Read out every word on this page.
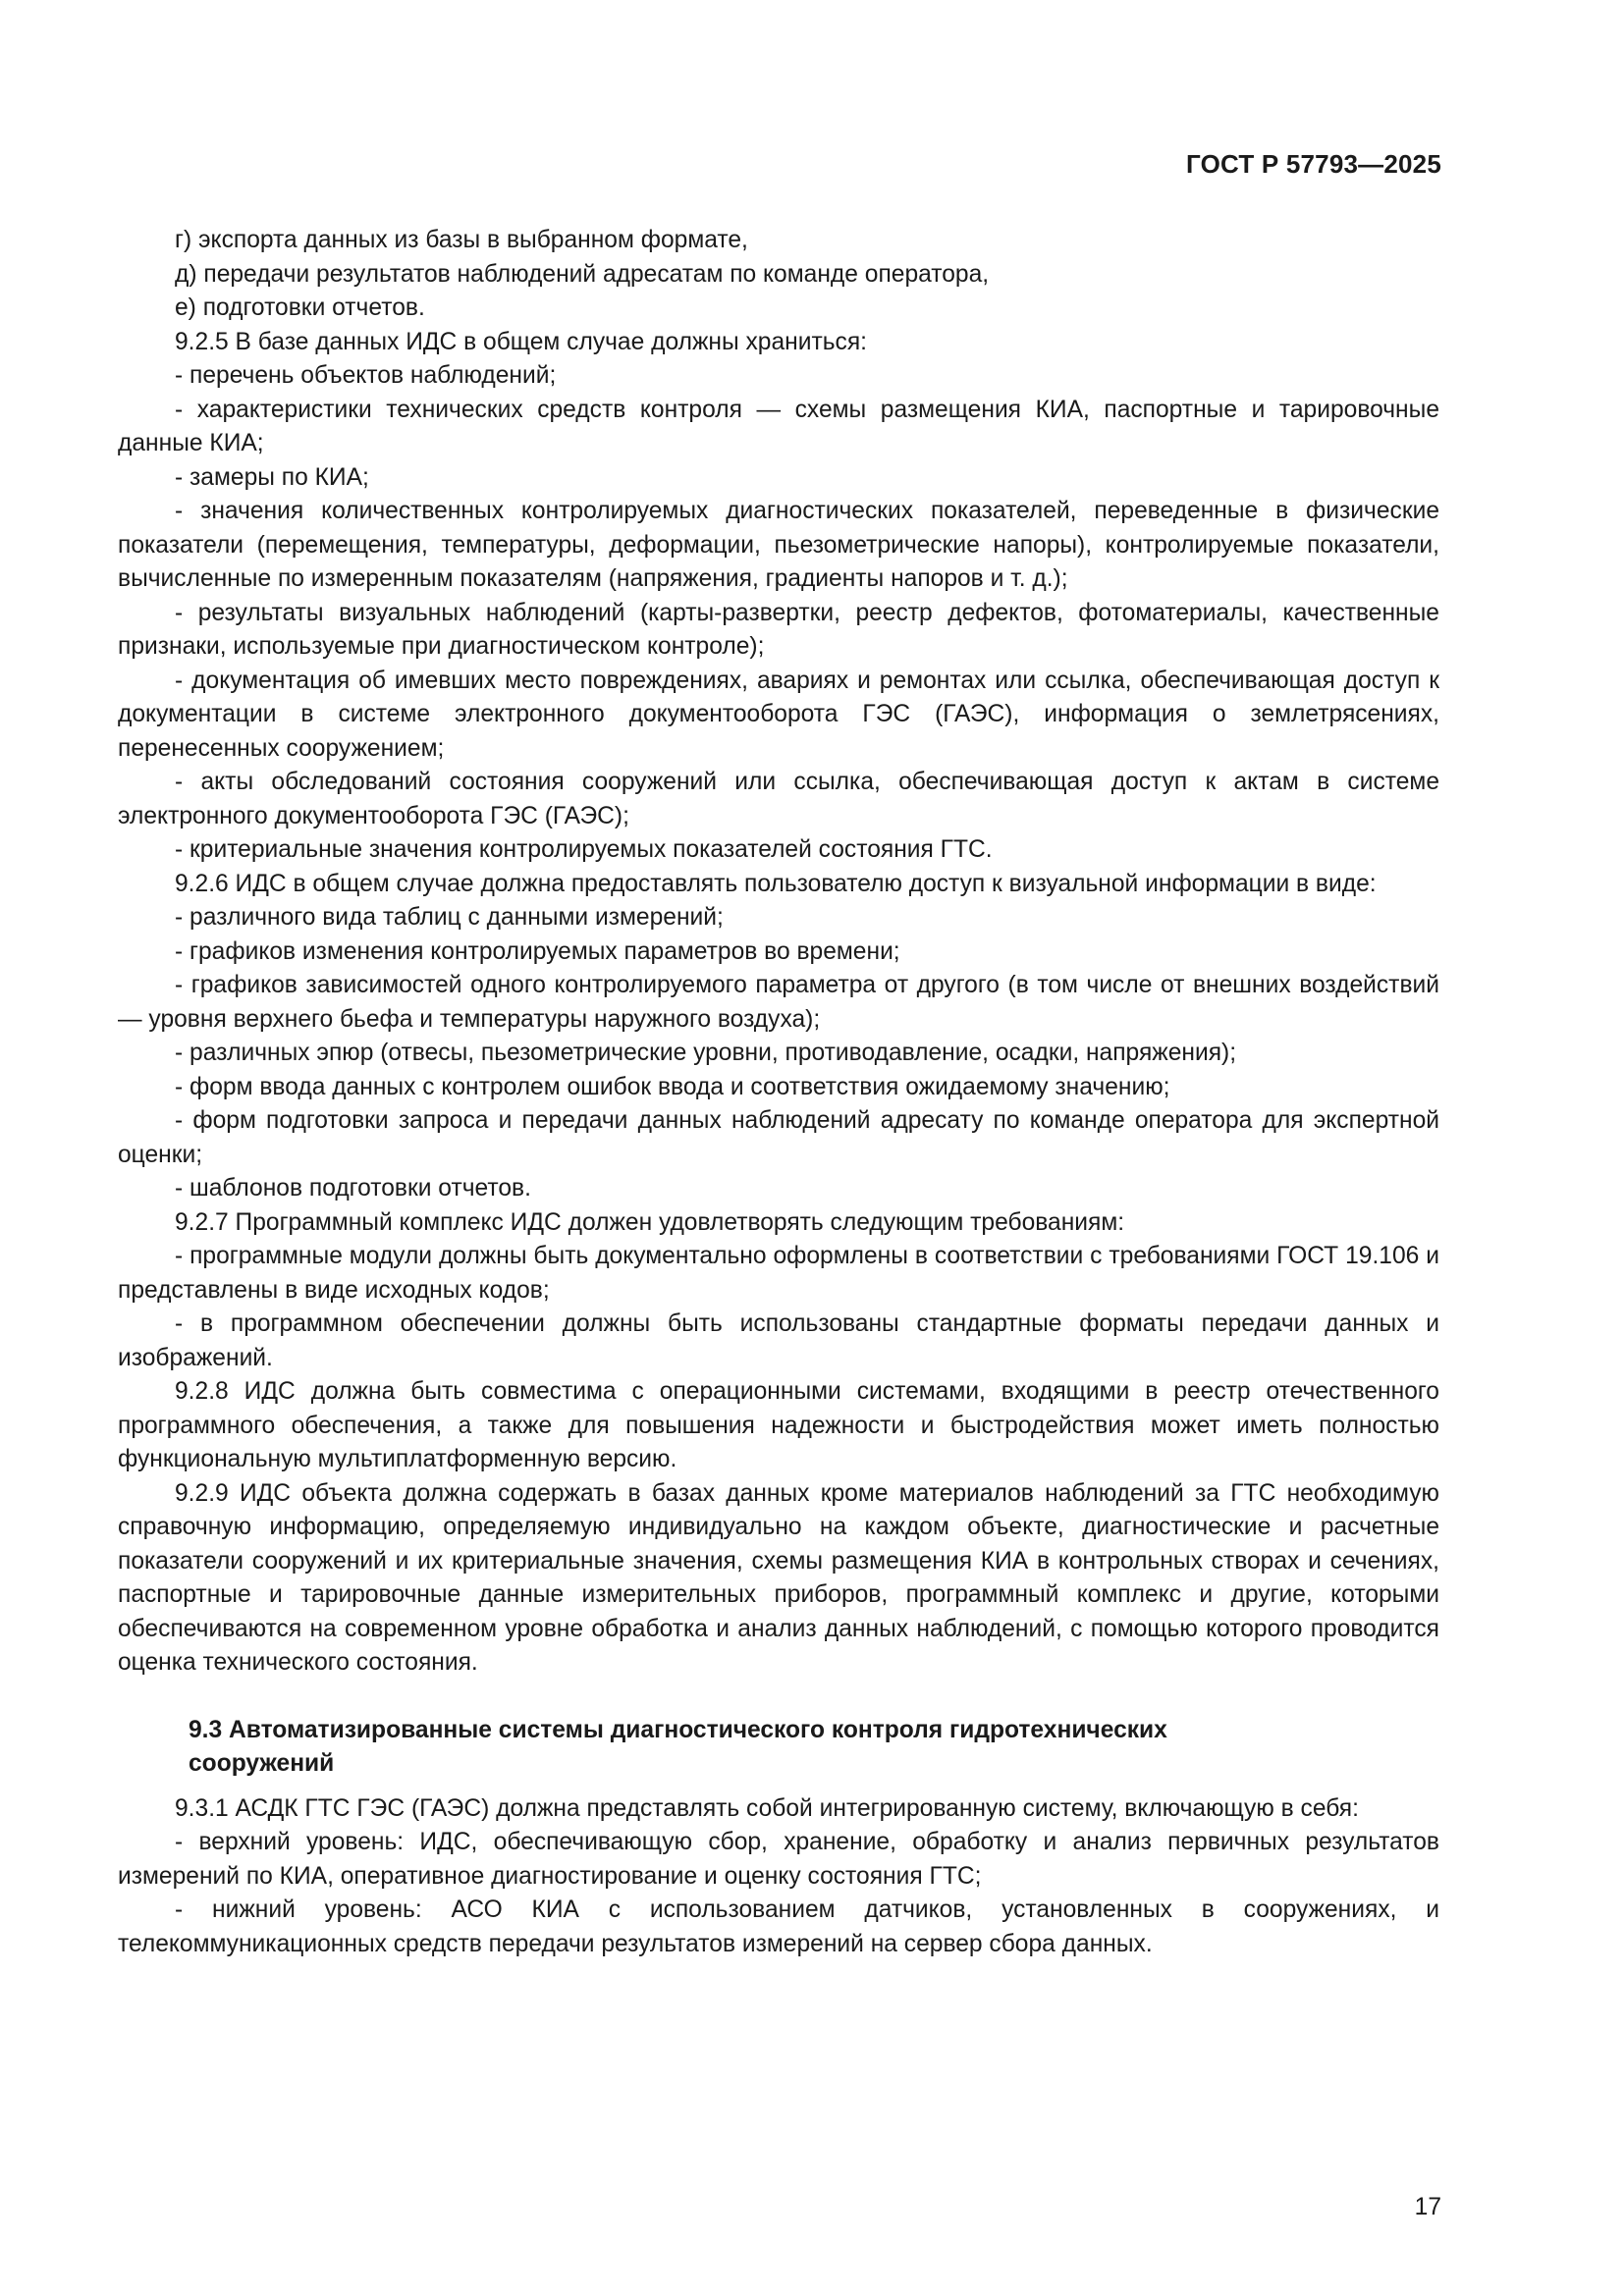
ГОСТ Р 57793—2025

г) экспорта данных из базы в выбранном формате,

д) передачи результатов наблюдений адресатам по команде оператора,

е) подготовки отчетов.

9.2.5 В базе данных ИДС в общем случае должны храниться:

- перечень объектов наблюдений;

- характеристики технических средств контроля — схемы размещения КИА, паспортные и тарировочные данные КИА;

- замеры по КИА;

- значения количественных контролируемых диагностических показателей, переведенные в физические показатели (перемещения, температуры, деформации, пьезометрические напоры), контролируемые показатели, вычисленные по измеренным показателям (напряжения, градиенты напоров и т. д.);

- результаты визуальных наблюдений (карты-развертки, реестр дефектов, фотоматериалы, качественные признаки, используемые при диагностическом контроле);

- документация об имевших место повреждениях, авариях и ремонтах или ссылка, обеспечивающая доступ к документации в системе электронного документооборота ГЭС (ГАЭС), информация о землетрясениях, перенесенных сооружением;

- акты обследований состояния сооружений или ссылка, обеспечивающая доступ к актам в системе электронного документооборота ГЭС (ГАЭС);

- критериальные значения контролируемых показателей состояния ГТС.

9.2.6 ИДС в общем случае должна предоставлять пользователю доступ к визуальной информации в виде:

- различного вида таблиц с данными измерений;

- графиков изменения контролируемых параметров во времени;

- графиков зависимостей одного контролируемого параметра от другого (в том числе от внешних воздействий — уровня верхнего бьефа и температуры наружного воздуха);

- различных эпюр (отвесы, пьезометрические уровни, противодавление, осадки, напряжения);

- форм ввода данных с контролем ошибок ввода и соответствия ожидаемому значению;

- форм подготовки запроса и передачи данных наблюдений адресату по команде оператора для экспертной оценки;

- шаблонов подготовки отчетов.

9.2.7 Программный комплекс ИДС должен удовлетворять следующим требованиям:

- программные модули должны быть документально оформлены в соответствии с требованиями ГОСТ 19.106 и представлены в виде исходных кодов;

- в программном обеспечении должны быть использованы стандартные форматы передачи данных и изображений.

9.2.8 ИДС должна быть совместима с операционными системами, входящими в реестр отечественного программного обеспечения, а также для повышения надежности и быстродействия может иметь полностью функциональную мультиплатформенную версию.

9.2.9 ИДС объекта должна содержать в базах данных кроме материалов наблюдений за ГТС необходимую справочную информацию, определяемую индивидуально на каждом объекте, диагностические и расчетные показатели сооружений и их критериальные значения, схемы размещения КИА в контрольных створах и сечениях, паспортные и тарировочные данные измерительных приборов, программный комплекс и другие, которыми обеспечиваются на современном уровне обработка и анализ данных наблюдений, с помощью которого проводится оценка технического состояния.

9.3 Автоматизированные системы диагностического контроля гидротехнических
сооружений

9.3.1 АСДК ГТС ГЭС (ГАЭС) должна представлять собой интегрированную систему, включающую в себя:

- верхний уровень: ИДС, обеспечивающую сбор, хранение, обработку и анализ первичных результатов измерений по КИА, оперативное диагностирование и оценку состояния ГТС;

- нижний уровень: АСО КИА с использованием датчиков, установленных в сооружениях, и телекоммуникационных средств передачи результатов измерений на сервер сбора данных.

17
